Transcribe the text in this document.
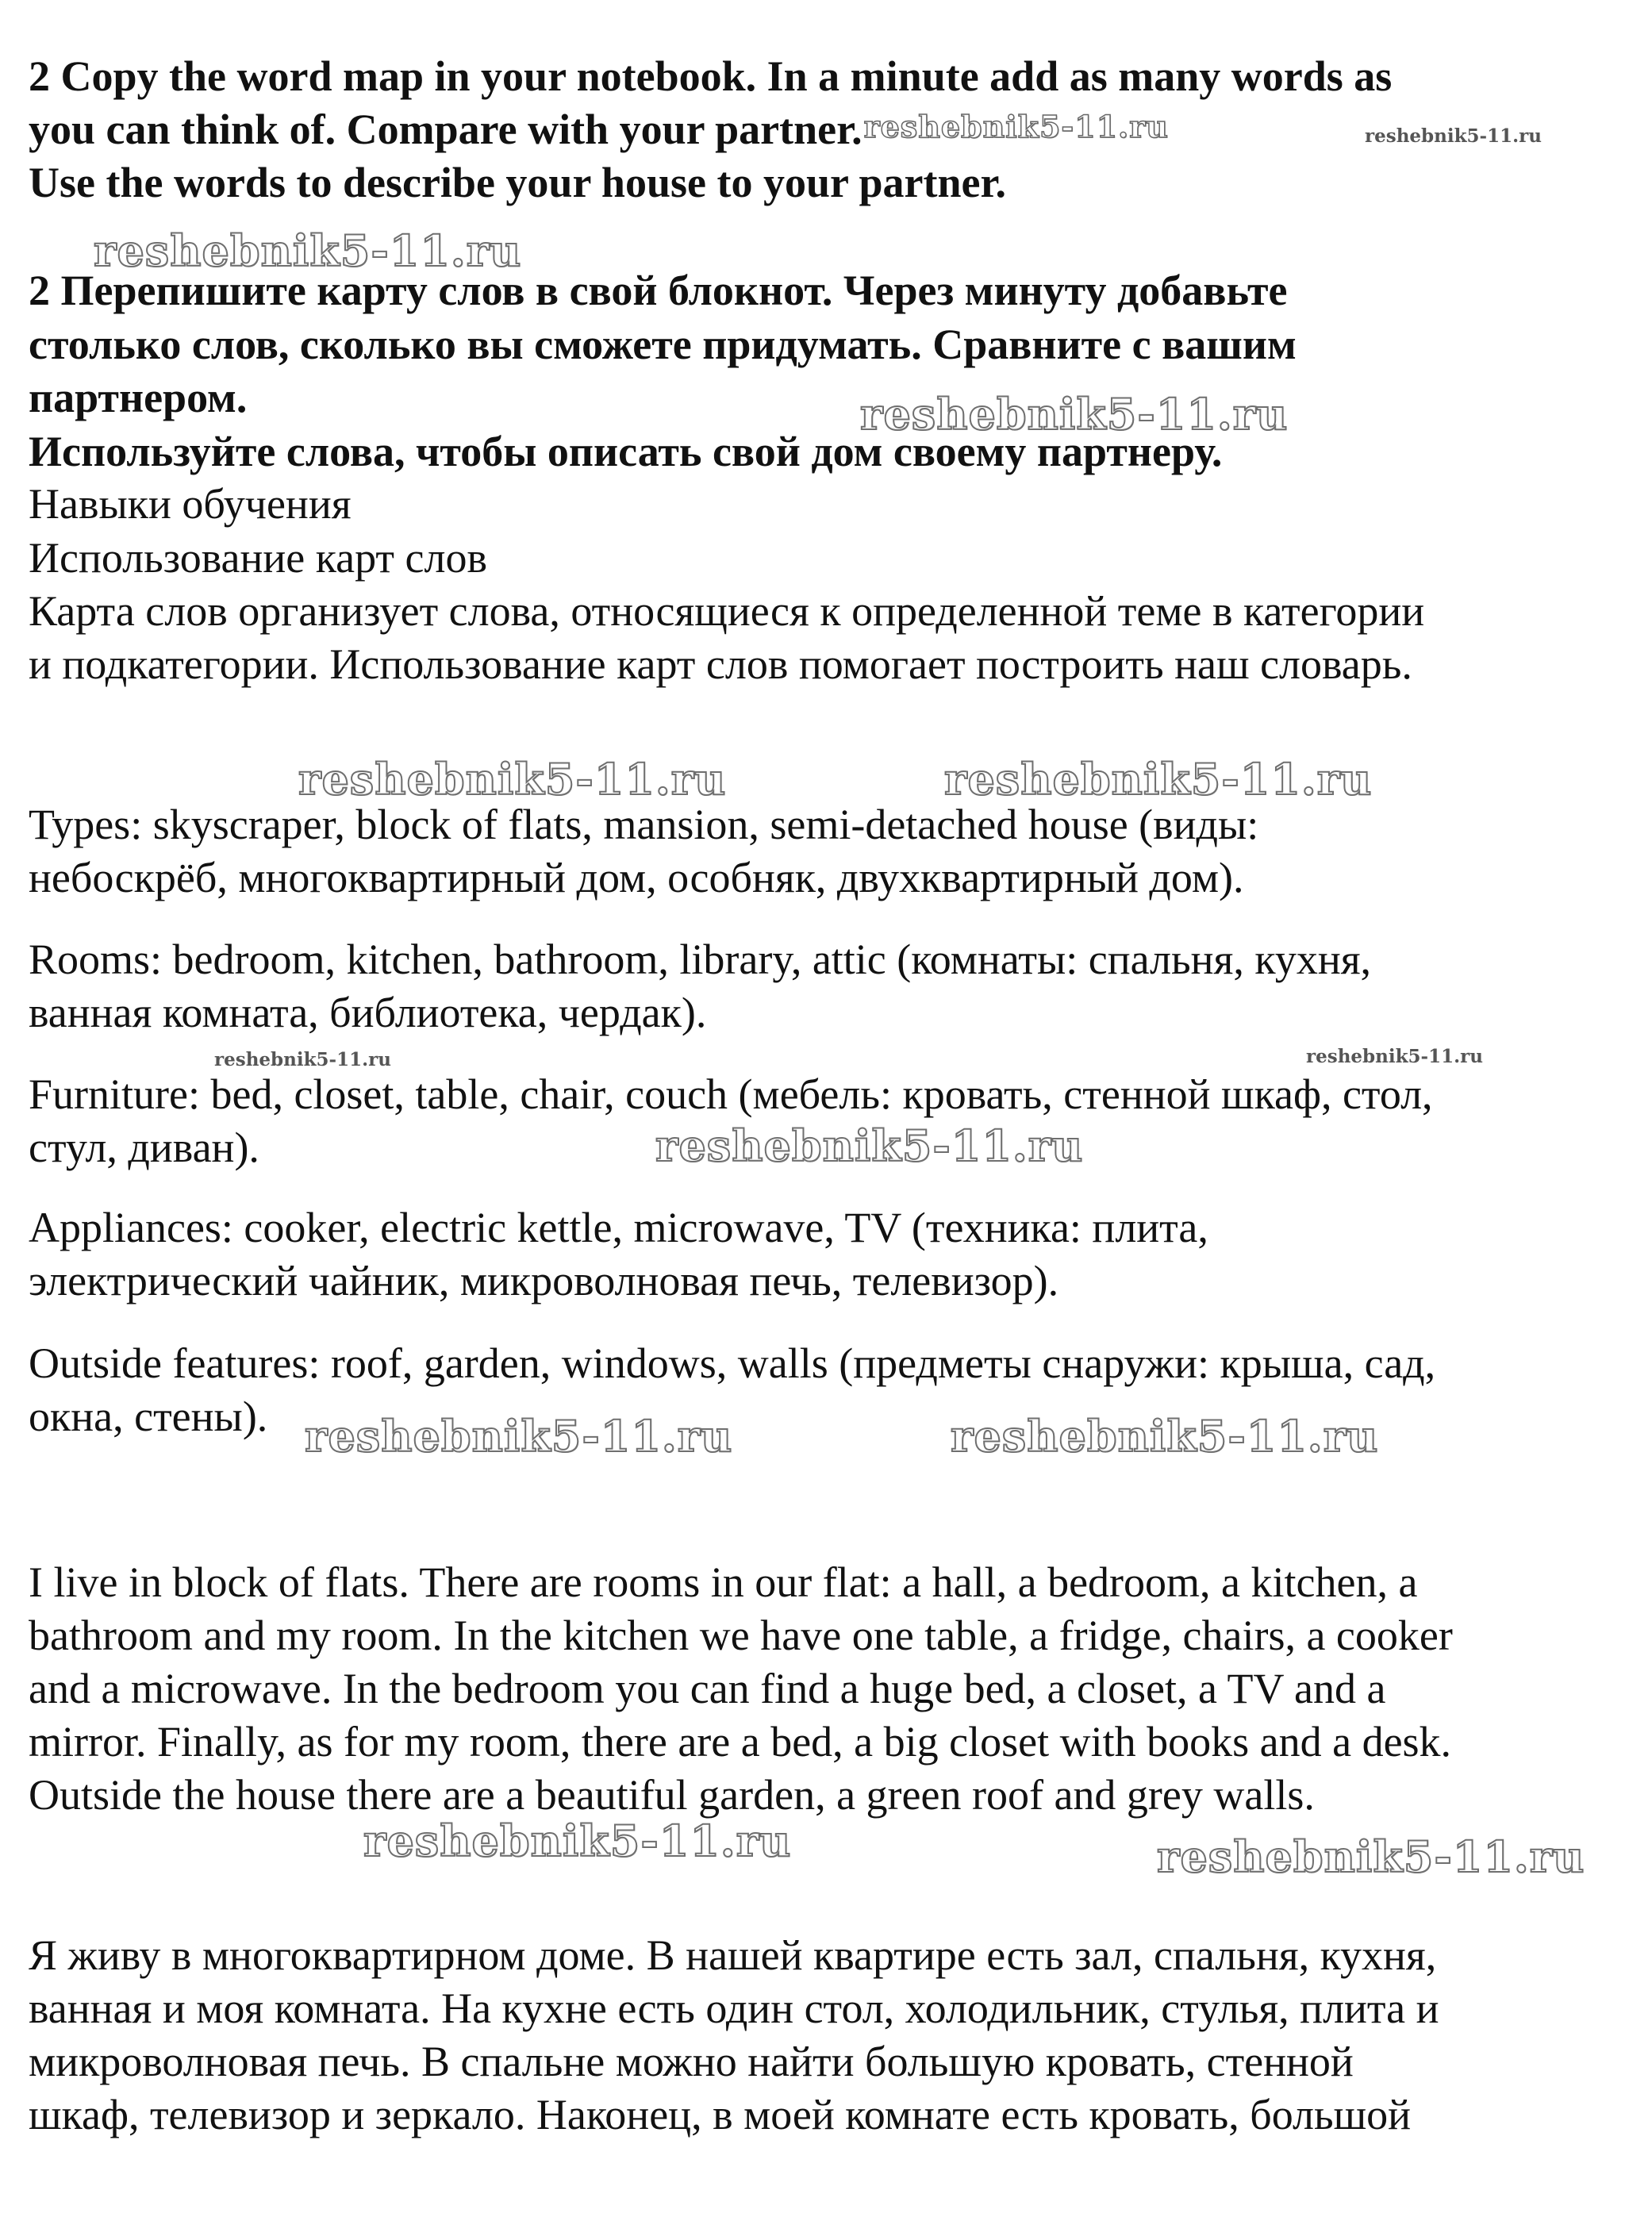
2 Copy the word map in your notebook. In a minute add as many words as

you can think of. Compare with your partner.reshebnik5-11.ru

Use the words to describe your house to your partner.

2 Перепишите карту слов в свой блокнот. Через минуту добавьте

столько слов, сколько вы сможете придумать. Сравните с вашим

партнером.

Используйте слова, чтобы описать свой дом своему партнеру.

Навыки обучения

Использование карт слов

Карта слов организует слова, относящиеся к определенной теме в категории

и подкатегории. Использование карт слов помогает построить наш словарь.

Types: skyscraper, block of flats, mansion, semi-detached house (виды:

небоскрёб, многоквартирный дом, особняк, двухквартирный дом).

Rooms: bedroom, kitchen, bathroom, library, attic (комнаты: спальня, кухня,

ванная комната, библиотека, чердак).

Furniture: bed, closet, table, chair, couch (мебель: кровать, стенной шкаф, стол,

стул, диван).

Appliances: cooker, electric kettle, microwave, TV (техника: плита,

электрический чайник, микроволновая печь, телевизор).

Outside features: roof, garden, windows, walls (предметы снаружи: крыша, сад,

окна, стены).

I live in block of flats. There are rooms in our flat: a hall, a bedroom, a kitchen, a

bathroom and my room. In the kitchen we have one table, a fridge, chairs, a cooker

and a microwave. In the bedroom you can find a huge bed, a closet, a TV and a

mirror. Finally, as for my room, there are a bed, a big closet with books and a desk.

Outside the house there are a beautiful garden, a green roof and grey walls.

Я живу в многоквартирном доме. В нашей квартире есть зал, спальня, кухня,

ванная и моя комната. На кухне есть один стол, холодильник, стулья, плита и

микроволновая печь. В спальне можно найти большую кровать, стенной

шкаф, телевизор и зеркало. Наконец, в моей комнате есть кровать, большой

reshebnik5-11.ru
reshebnik5-11.ru
reshebnik5-11.ru
reshebnik5-11.ru	reshebnik5-11.ru
reshebnik5-11.ru	reshebnik5-11.ru
reshebnik5-11.ru
reshebnik5-11.ru	reshebnik5-11.ru
reshebnik5-11.ru	reshebnik5-11.ru
